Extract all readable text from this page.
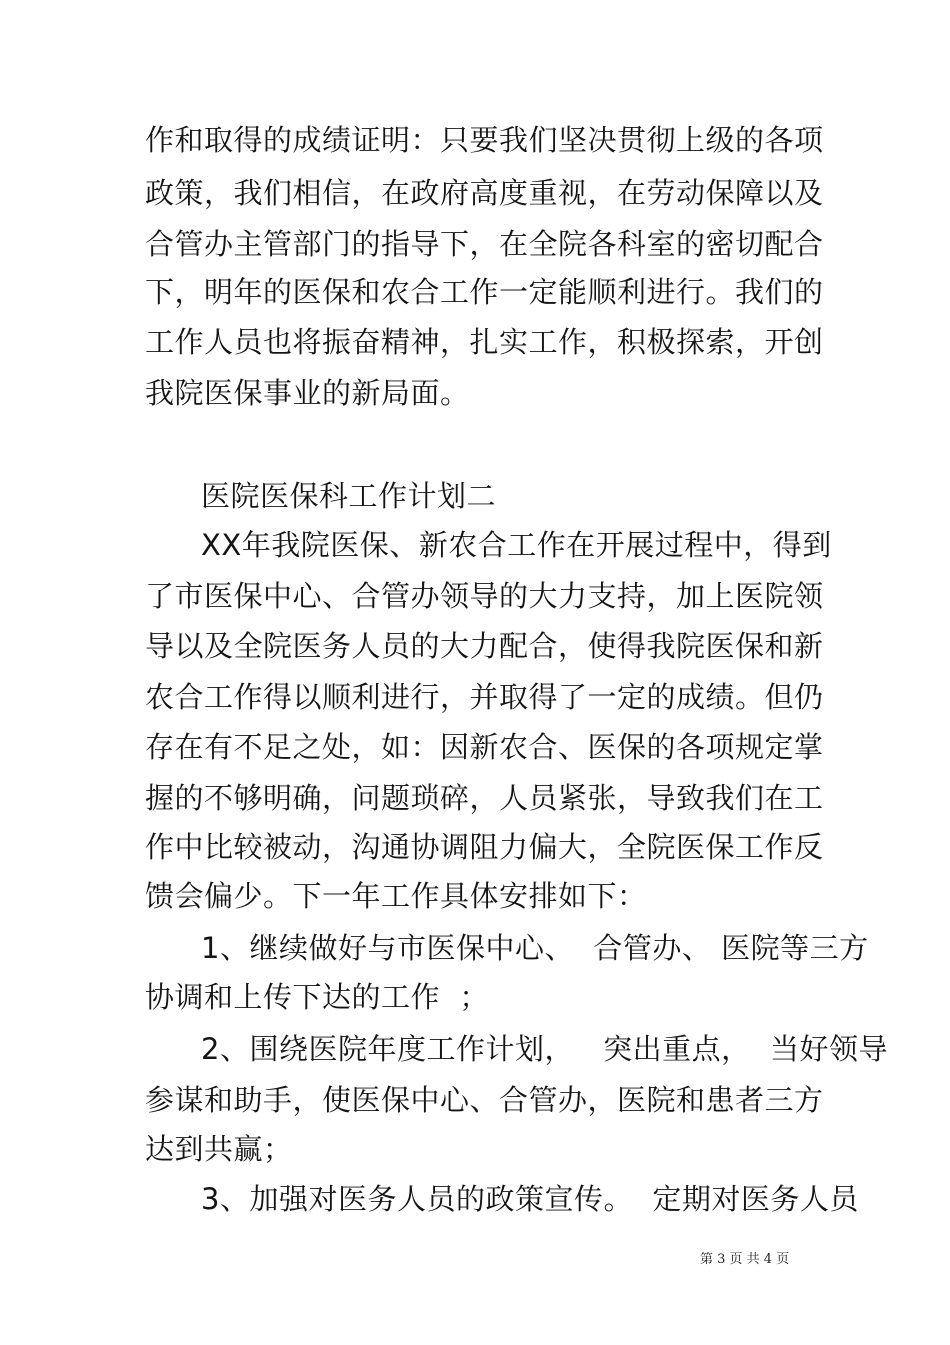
作和取得的成绩证明：只要我们坚决贯彻上级的各项
政策，我们相信，在政府高度重视，在劳动保障以及
合管办主管部门的指导下，在全院各科室的密切配合
下，明年的医保和农合工作一定能顺利进行。我们的
工作人员也将振奋精神，扎实工作，积极探索，开创
我院医保事业的新局面。
医院医保科工作计划二
XX年我院医保、新农合工作在开展过程中，得到
了市医保中心、合管办领导的大力支持，加上医院领
导以及全院医务人员的大力配合，使得我院医保和新
农合工作得以顺利进行，并取得了一定的成绩。但仍
存在有不足之处，如：因新农合、医保的各项规定掌
握的不够明确，问题琐碎，人员紧张，导致我们在工
作中比较被动，沟通协调阻力偏大，全院医保工作反
馈会偏少。下一年工作具体安排如下：
1、继续做好与市医保中心、  合管办、 医院等三方
协调和上传下达的工作  ；
2、围绕医院年度工作计划，   突出重点，  当好领导
参谋和助手，使医保中心、合管办，医院和患者三方
达到共赢；
3、加强对医务人员的政策宣传。  定期对医务人员
第 3 页 共 4 页
